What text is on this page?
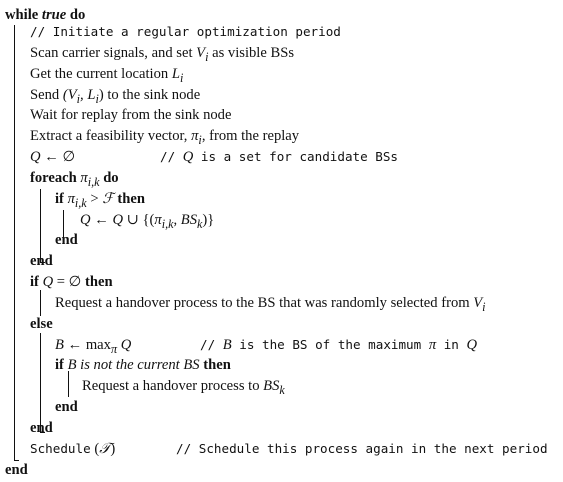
while true do
// Initiate a regular optimization period
Scan carrier signals, and set $V_i$ as visible BSs
Get the current location $L_i$
Send ($V_i$, $L_i$) to the sink node
Wait for replay from the sink node
Extract a feasibility vector, $\pi_i$, from the replay
Q ← ∅	// Q is a set for candidate BSs
foreach $\pi_{i,k}$ do
if $\pi_{i,k}$ > ℱ then
Q ← Q ∪ {($\pi_{i,k}$, $BS_k$)}
end
end
if Q = ∅ then
Request a handover process to the BS that was randomly selected from $V_i$
else
B ← $\max_\pi Q$	// B is the BS of the maximum π in Q
if B is not the current BS then
Request a handover process to $BS_k$
end
end
Schedule (𝒯)	// Schedule this process again in the next period
end
